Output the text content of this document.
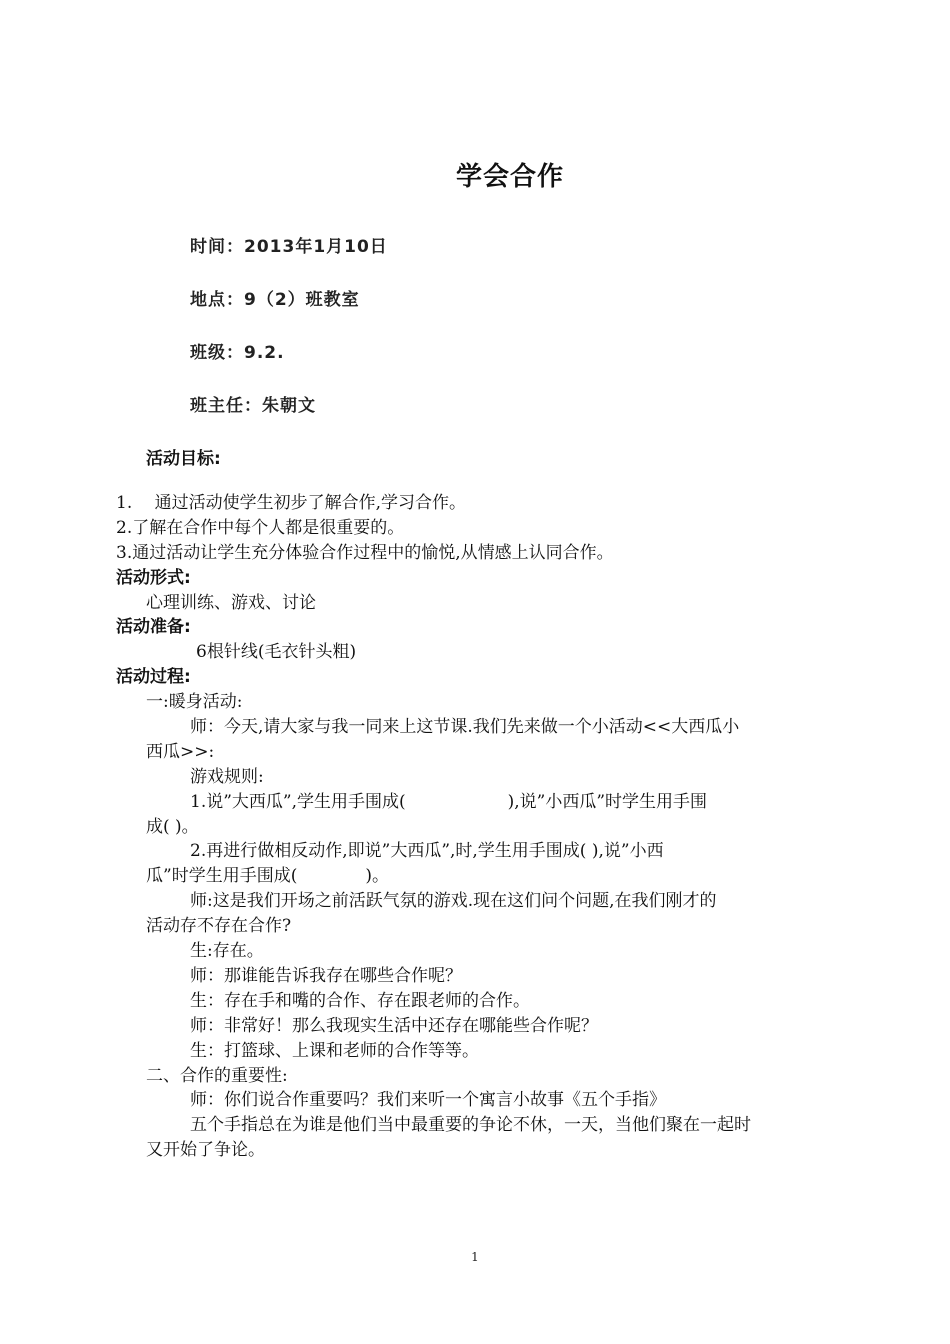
学会合作
时间：2013年1月10日
地点：9（2）班教室
班级：9.2.
班主任：朱朝文
活动目标:
1.　 通过活动使学生初步了解合作,学习合作。
2.了解在合作中每个人都是很重要的。
3.通过活动让学生充分体验合作过程中的愉悦,从情感上认同合作。
活动形式:
心理训练、游戏、讨论
活动准备:
6根针线(毛衣针头粗)
活动过程:
一:暖身活动:
师：今天,请大家与我一同来上这节课.我们先来做一个小活动<<大西瓜小
西瓜>>:
游戏规则:
1.说”大西瓜”,学生用手围成(　　　　　　),说”小西瓜”时学生用手围
成( )。
2.再进行做相反动作,即说”大西瓜”,时,学生用手围成( ),说”小西
瓜”时学生用手围成(　　　　)。
师:这是我们开场之前活跃气氛的游戏.现在这们问个问题,在我们刚才的
活动存不存在合作?
生:存在。
师：那谁能告诉我存在哪些合作呢？
生：存在手和嘴的合作、存在跟老师的合作。
师：非常好！那么我现实生活中还存在哪能些合作呢？
生：打篮球、上课和老师的合作等等。
二、合作的重要性:
师：你们说合作重要吗？我们来听一个寓言小故事《五个手指》
五个手指总在为谁是他们当中最重要的争论不休，一天，当他们聚在一起时
又开始了争论。
1
